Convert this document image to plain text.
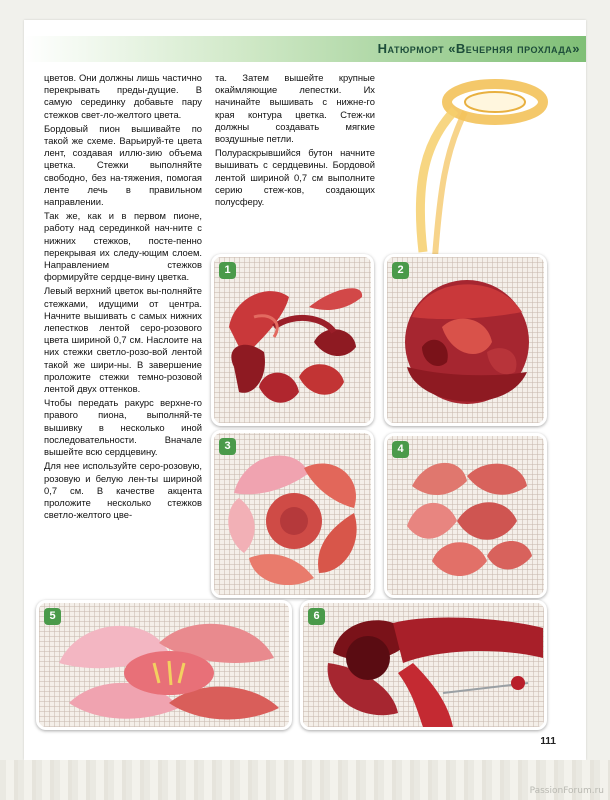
Натюрморт «Вечерняя прохлада»

цветов. Они должны лишь частично перекрывать преды-дущие. В самую серединку добавьте пару стежков свет-ло-желтого цвета.

Бордовый пион вышивайте по такой же схеме. Варьируй-те цвета лент, создавая иллю-зию объема цветка. Стежки выполняйте свободно, без на-тяжения, помогая ленте лечь в правильном направлении.

Так же, как и в первом пионе, работу над серединкой нач-ните с нижних стежков, посте-пенно перекрывая их следу-ющим слоем. Направлением стежков формируйте сердце-вину цветка.

Левый верхний цветок вы-полняйте стежками, идущими от центра. Начните вышивать с самых нижних лепестков лентой серо-розового цвета шириной 0,7 см. Наслоите на них стежки светло-розо-вой лентой такой же шири-ны. В завершение проложите стежки темно-розовой лентой двух оттенков.

Чтобы передать ракурс верхне-го правого пиона, выполняй-те вышивку в несколько иной последовательности. Вначале вышейте всю сердцевину.

Для нее используйте серо-розовую, розовую и белую лен-ты шириной 0,7 см. В качестве акцента проложите несколько стежков светло-желтого цве-

та. Затем вышейте крупные окаймляющие лепестки. Их начинайте вышивать с нижне-го края контура цветка. Стеж-ки должны создавать мягкие воздушные петли.

Полураскрывшийся бутон начните вышивать с сердцевины. Бордовой лентой шириной 0,7 см выполните серию стеж-ков, создающих полусферу.

1	2
3	4
5	6
111
PassionForum.ru
